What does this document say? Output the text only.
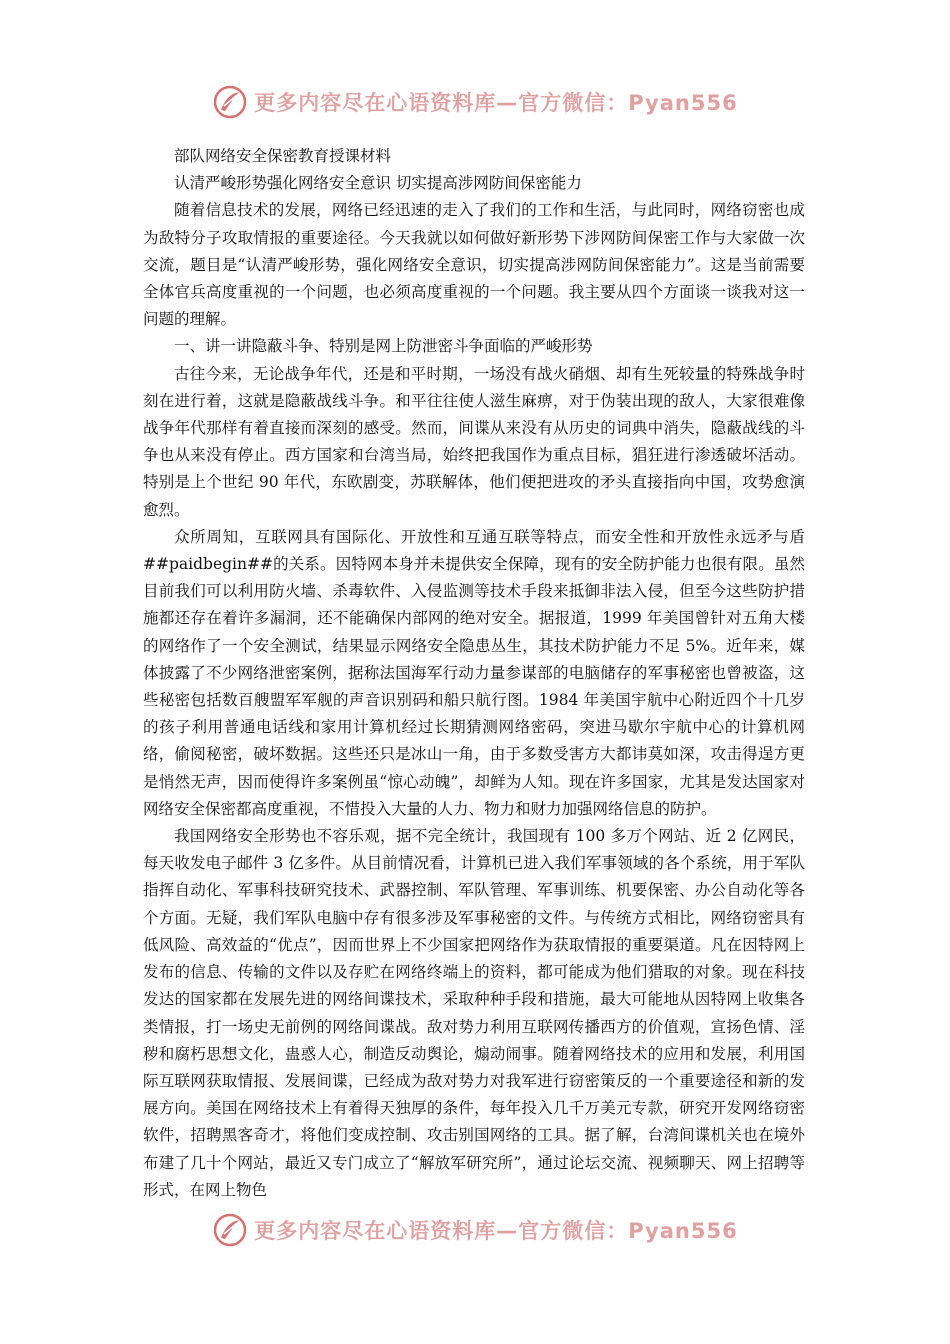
更多内容尽在心语资料库—官方微信：Pyan556

部队网络安全保密教育授课材料

认清严峻形势强化网络安全意识 切实提高涉网防间保密能力

随着信息技术的发展，网络已经迅速的走入了我们的工作和生活，与此同时，网络窃密也成为敌特分子攻取情报的重要途径。今天我就以如何做好新形势下涉网防间保密工作与大家做一次交流，题目是“认清严峻形势，强化网络安全意识，切实提高涉网防间保密能力”。这是当前需要全体官兵高度重视的一个问题，也必须高度重视的一个问题。我主要从四个方面谈一谈我对这一问题的理解。

一、讲一讲隐蔽斗争、特别是网上防泄密斗争面临的严峻形势

古往今来，无论战争年代，还是和平时期，一场没有战火硝烟、却有生死较量的特殊战争时刻在进行着，这就是隐蔽战线斗争。和平往往使人滋生麻痹，对于伪装出现的敌人，大家很难像战争年代那样有着直接而深刻的感受。然而，间谍从来没有从历史的词典中消失，隐蔽战线的斗争也从来没有停止。西方国家和台湾当局，始终把我国作为重点目标，猖狂进行渗透破坏活动。特别是上个世纪 90 年代，东欧剧变，苏联解体，他们便把进攻的矛头直接指向中国，攻势愈演愈烈。

众所周知，互联网具有国际化、开放性和互通互联等特点，而安全性和开放性永远矛与盾##paidbegin##的关系。因特网本身并未提供安全保障，现有的安全防护能力也很有限。虽然目前我们可以利用防火墙、杀毒软件、入侵监测等技术手段来抵御非法入侵，但至今这些防护措施都还存在着许多漏洞，还不能确保内部网的绝对安全。据报道，1999 年美国曾针对五角大楼的网络作了一个安全测试，结果显示网络安全隐患丛生，其技术防护能力不足 5%。近年来，媒体披露了不少网络泄密案例，据称法国海军行动力量参谋部的电脑储存的军事秘密也曾被盗，这些秘密包括数百艘盟军军舰的声音识别码和船只航行图。1984 年美国宇航中心附近四个十几岁的孩子利用普通电话线和家用计算机经过长期猜测网络密码，突进马歇尔宇航中心的计算机网络，偷阅秘密，破坏数据。这些还只是冰山一角，由于多数受害方大都讳莫如深，攻击得逞方更是悄然无声，因而使得许多案例虽“惊心动魄”，却鲜为人知。现在许多国家，尤其是发达国家对网络安全保密都高度重视，不惜投入大量的人力、物力和财力加强网络信息的防护。

我国网络安全形势也不容乐观，据不完全统计，我国现有 100 多万个网站、近 2 亿网民，每天收发电子邮件 3 亿多件。从目前情况看，计算机已进入我们军事领域的各个系统，用于军队指挥自动化、军事科技研究技术、武器控制、军队管理、军事训练、机要保密、办公自动化等各个方面。无疑，我们军队电脑中存有很多涉及军事秘密的文件。与传统方式相比，网络窃密具有低风险、高效益的“优点”，因而世界上不少国家把网络作为获取情报的重要渠道。凡在因特网上发布的信息、传输的文件以及存贮在网络终端上的资料，都可能成为他们猎取的对象。现在科技发达的国家都在发展先进的网络间谍技术，采取种种手段和措施，最大可能地从因特网上收集各类情报，打一场史无前例的网络间谍战。敌对势力利用互联网传播西方的价值观，宣扬色情、淫秽和腐朽思想文化，蛊惑人心，制造反动舆论，煽动闹事。随着网络技术的应用和发展，利用国际互联网获取情报、发展间谍，已经成为敌对势力对我军进行窃密策反的一个重要途径和新的发展方向。美国在网络技术上有着得天独厚的条件，每年投入几千万美元专款，研究开发网络窃密软件，招聘黑客奇才，将他们变成控制、攻击别国网络的工具。据了解，台湾间谍机关也在境外布建了几十个网站，最近又专门成立了“解放军研究所”，通过论坛交流、视频聊天、网上招聘等形式，在网上物色

更多内容尽在心语资料库—官方微信：Pyan556
